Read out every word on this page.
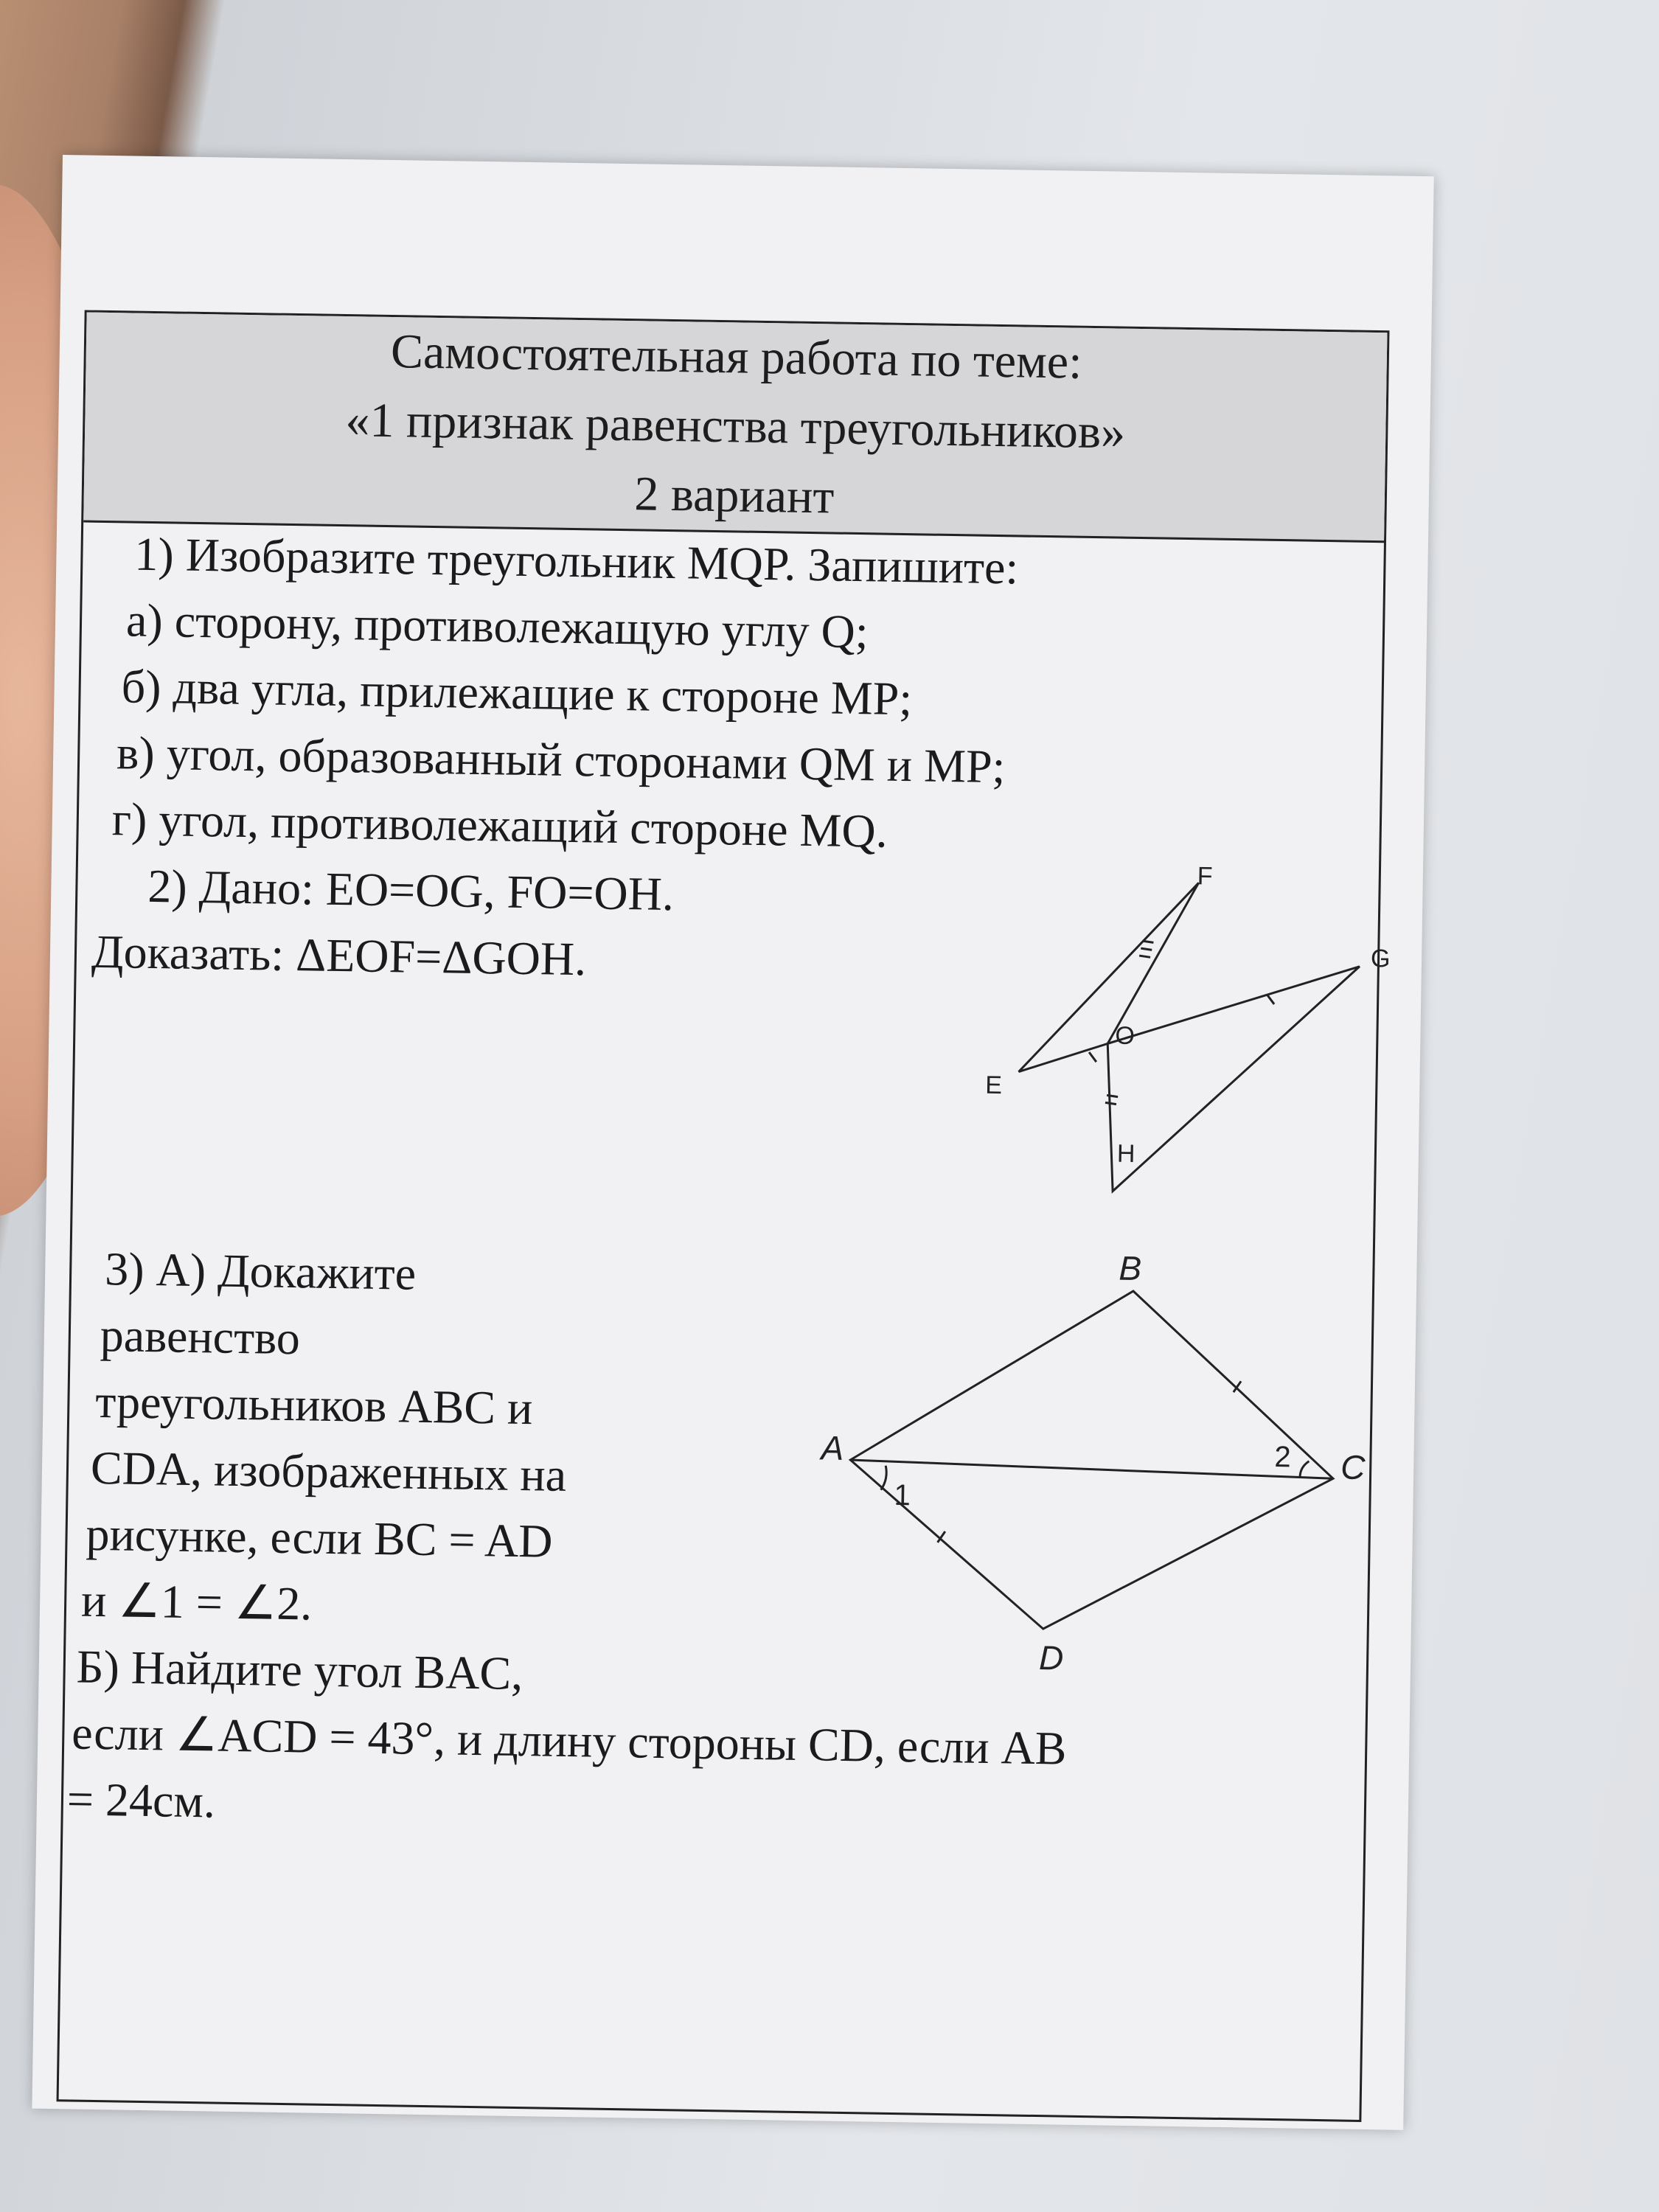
Самостоятельная работа по теме:
«1 признак равенства треугольников»
2 вариант
1) Изобразите треугольник MQP. Запишите:
а) сторону, противолежащую углу Q;
б) два угла, прилежащие к стороне MP;
в) угол, образованный сторонами QM и MP;
г) угол, противолежащий стороне MQ.
2) Дано: EO=OG, FO=OH.
Доказать: ΔEOF=ΔGOH.
F
G
O
E
H
3) А) Докажите
равенство
треугольников ABC и
CDA, изображенных на
рисунке, если BC = AD
и ∠1 = ∠2.
Б) Найдите угол BAC,
если ∠ACD = 43°, и длину стороны CD, если AB
= 24см.
A
B
C
D
1
2
